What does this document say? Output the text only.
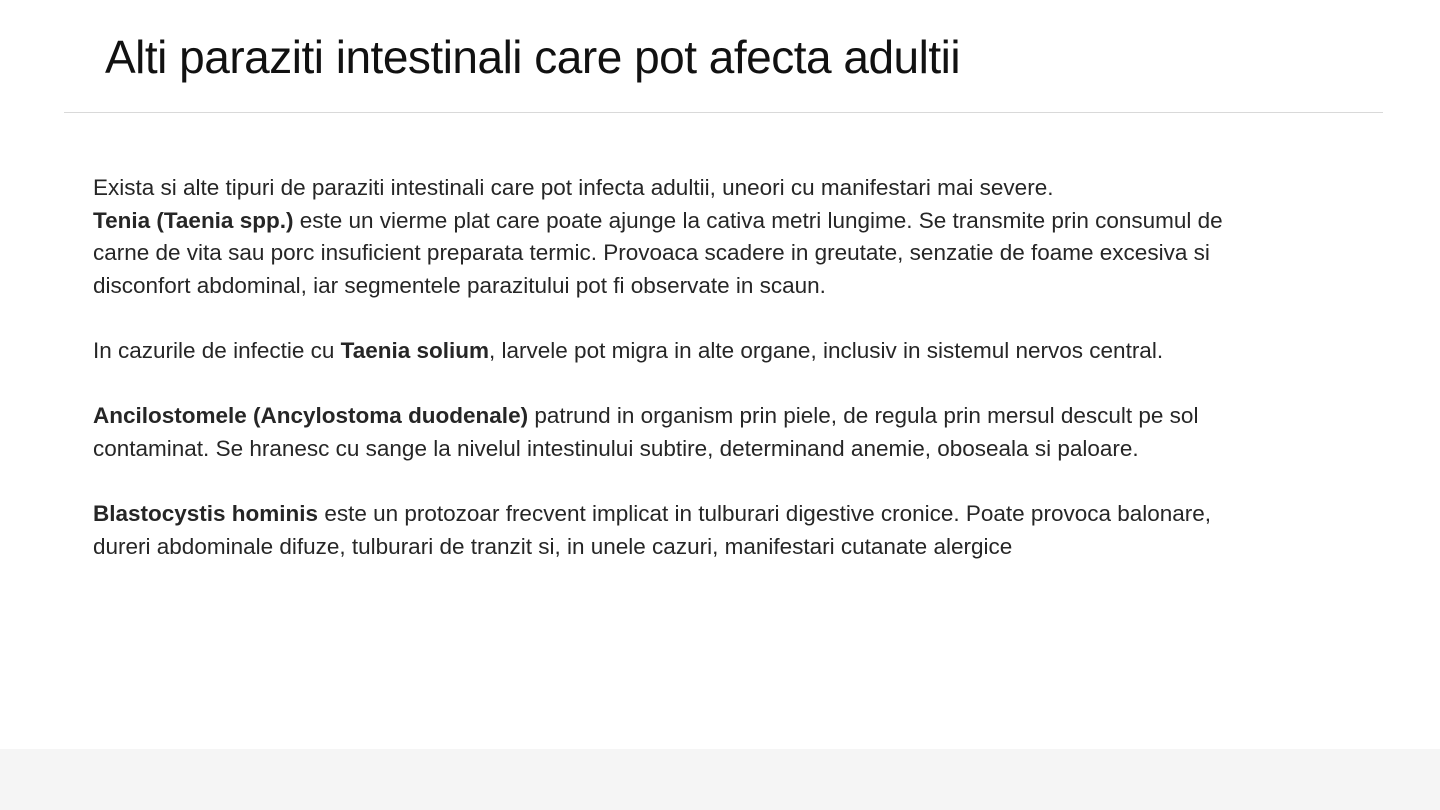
Alti paraziti intestinali care pot afecta adultii

Exista si alte tipuri de paraziti intestinali care pot infecta adultii, uneori cu manifestari mai severe.
Tenia (Taenia spp.) este un vierme plat care poate ajunge la cativa metri lungime. Se transmite prin consumul de
carne de vita sau porc insuficient preparata termic. Provoaca scadere in greutate, senzatie de foame excesiva si
disconfort abdominal, iar segmentele parazitului pot fi observate in scaun.

In cazurile de infectie cu Taenia solium, larvele pot migra in alte organe, inclusiv in sistemul nervos central.

Ancilostomele (Ancylostoma duodenale) patrund in organism prin piele, de regula prin mersul descult pe sol
contaminat. Se hranesc cu sange la nivelul intestinului subtire, determinand anemie, oboseala si paloare.

Blastocystis hominis este un protozoar frecvent implicat in tulburari digestive cronice. Poate provoca balonare,
dureri abdominale difuze, tulburari de tranzit si, in unele cazuri, manifestari cutanate alergice
